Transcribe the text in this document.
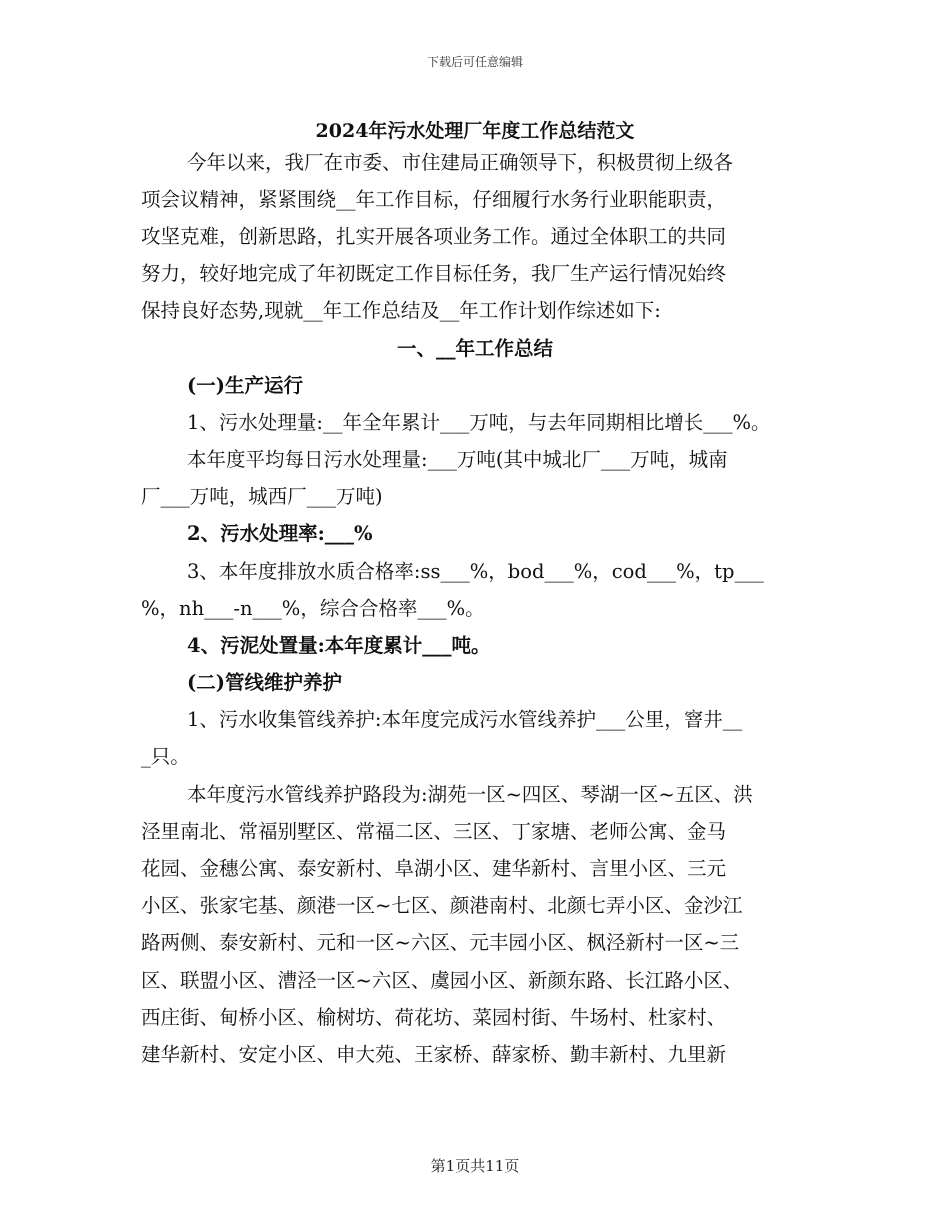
下载后可任意编辑
2024年污水处理厂年度工作总结范文
今年以来，我厂在市委、市住建局正确领导下，积极贯彻上级各
项会议精神，紧紧围绕__年工作目标，仔细履行水务行业职能职责，
攻坚克难，创新思路，扎实开展各项业务工作。通过全体职工的共同
努力，较好地完成了年初既定工作目标任务，我厂生产运行情况始终
保持良好态势,现就__年工作总结及__年工作计划作综述如下:
一、__年工作总结
(一)生产运行
1、污水处理量:__年全年累计___万吨，与去年同期相比增长___%。
本年度平均每日污水处理量:___万吨(其中城北厂___万吨，城南
厂___万吨，城西厂___万吨)
2、污水处理率:___%
3、本年度排放水质合格率:ss___%，bod___%，cod___%，tp___
%，nh___-n___%，综合合格率___%。
4、污泥处置量:本年度累计___吨。
(二)管线维护养护
1、污水收集管线养护:本年度完成污水管线养护___公里，窨井__
_只。
本年度污水管线养护路段为:湖苑一区~四区、琴湖一区~五区、洪
泾里南北、常福别墅区、常福二区、三区、丁家塘、老师公寓、金马
花园、金穗公寓、泰安新村、阜湖小区、建华新村、言里小区、三元
小区、张家宅基、颜港一区~七区、颜港南村、北颜七弄小区、金沙江
路两侧、泰安新村、元和一区~六区、元丰园小区、枫泾新村一区~三
区、联盟小区、漕泾一区~六区、虞园小区、新颜东路、长江路小区、
西庄街、甸桥小区、榆树坊、荷花坊、菜园村街、牛场村、杜家村、
建华新村、安定小区、申大苑、王家桥、薛家桥、勤丰新村、九里新
第1页共11页
